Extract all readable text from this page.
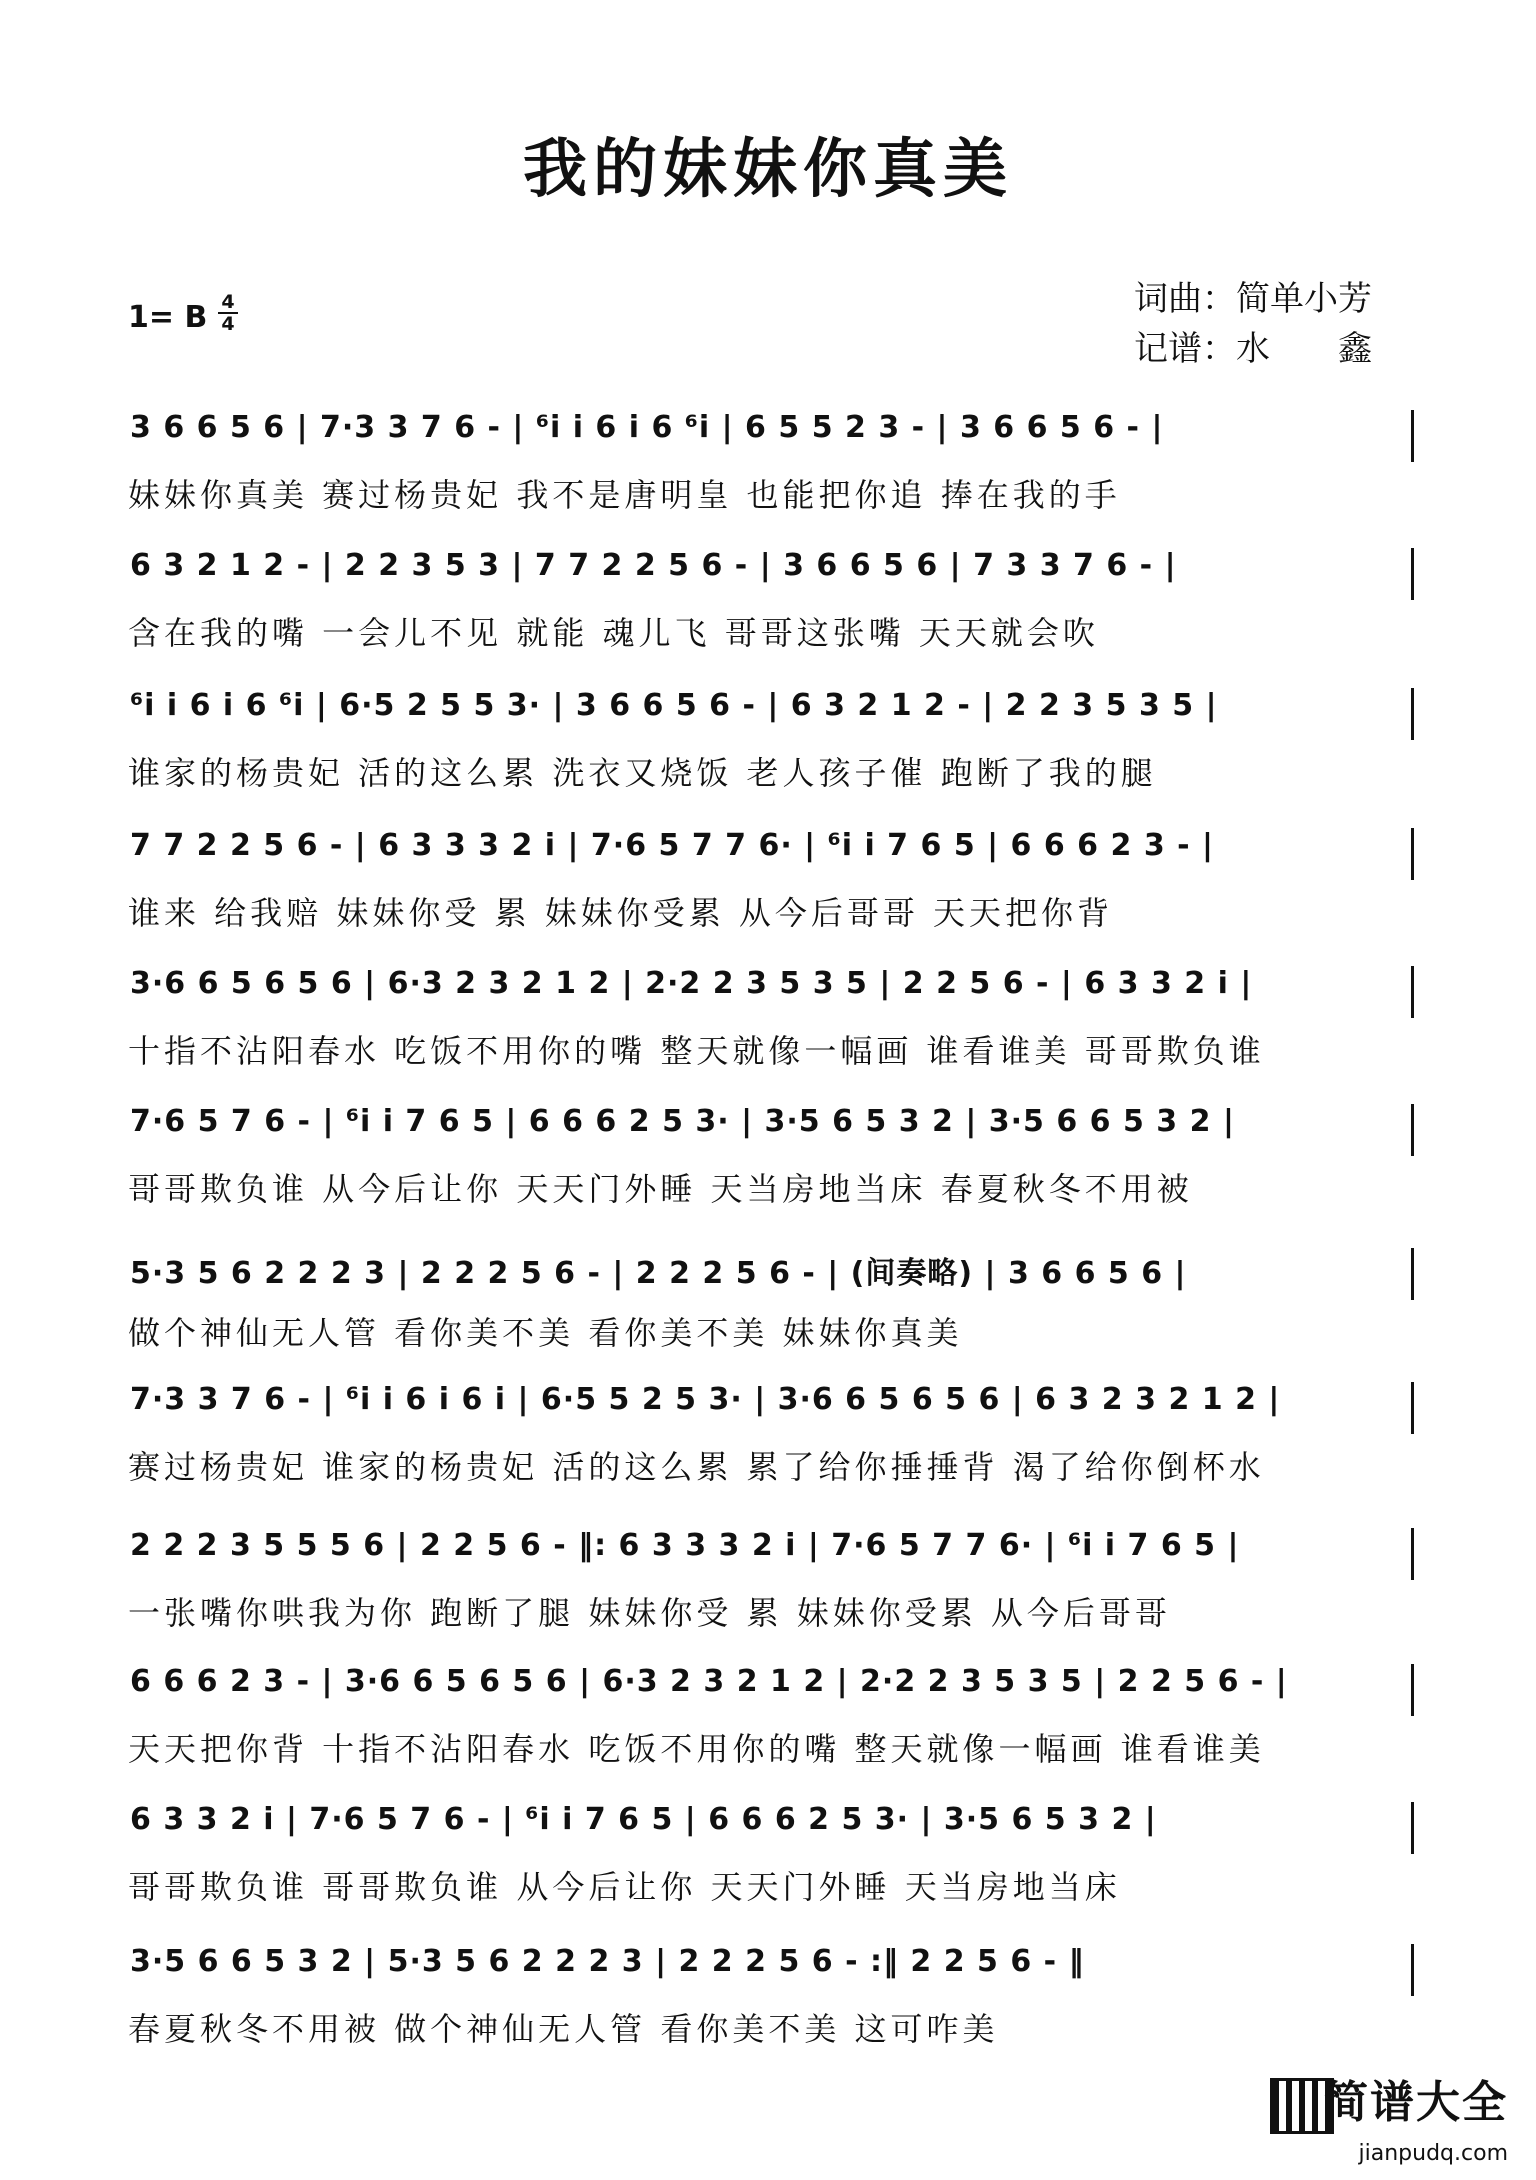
我的妹妹你真美
1= B 4
4
词曲：简单小芳
记谱：水　　鑫
3 6 6 5 6 | 7·3 3 7 6 - | ⁶i i 6 i 6 ⁶i | 6 5 5 2 3 - | 3 6 6 5 6 - |
妹妹你真美 赛过杨贵妃 我不是唐明皇 也能把你追 捧在我的手
6 3 2 1 2 - | 2 2 3 5 3 | 7 7 2 2 5 6 - | 3 6 6 5 6 | 7 3 3 7 6 - |
含在我的嘴 一会儿不见 就能 魂儿飞 哥哥这张嘴 天天就会吹
⁶i i 6 i 6 ⁶i | 6·5 2 5 5 3· | 3 6 6 5 6 - | 6 3 2 1 2 - | 2 2 3 5 3 5 |
谁家的杨贵妃 活的这么累 洗衣又烧饭 老人孩子催 跑断了我的腿
7 7 2 2 5 6 - | 6 3 3 3 2 i | 7·6 5 7 7 6· | ⁶i i 7 6 5 | 6 6 6 2 3 - |
谁来 给我赔 妹妹你受 累 妹妹你受累 从今后哥哥 天天把你背
3·6 6 5 6 5 6 | 6·3 2 3 2 1 2 | 2·2 2 3 5 3 5 | 2 2 5 6 - | 6 3 3 2 i |
十指不沾阳春水 吃饭不用你的嘴 整天就像一幅画 谁看谁美 哥哥欺负谁
7·6 5 7 6 - | ⁶i i 7 6 5 | 6 6 6 2 5 3· | 3·5 6 5 3 2 | 3·5 6 6 5 3 2 |
哥哥欺负谁 从今后让你 天天门外睡 天当房地当床 春夏秋冬不用被
5·3 5 6 2 2 2 3 | 2 2 2 5 6 - | 2 2 2 5 6 - | (间奏略) | 3 6 6 5 6 |
做个神仙无人管 看你美不美 看你美不美 妹妹你真美
7·3 3 7 6 - | ⁶i i 6 i 6 i | 6·5 5 2 5 3· | 3·6 6 5 6 5 6 | 6 3 2 3 2 1 2 |
赛过杨贵妃 谁家的杨贵妃 活的这么累 累了给你捶捶背 渴了给你倒杯水
2 2 2 3 5 5 5 6 | 2 2 5 6 - ‖: 6 3 3 3 2 i | 7·6 5 7 7 6· | ⁶i i 7 6 5 |
一张嘴你哄我为你 跑断了腿 妹妹你受 累 妹妹你受累 从今后哥哥
6 6 6 2 3 - | 3·6 6 5 6 5 6 | 6·3 2 3 2 1 2 | 2·2 2 3 5 3 5 | 2 2 5 6 - |
天天把你背 十指不沾阳春水 吃饭不用你的嘴 整天就像一幅画 谁看谁美
6 3 3 2 i | 7·6 5 7 6 - | ⁶i i 7 6 5 | 6 6 6 2 5 3· | 3·5 6 5 3 2 |
哥哥欺负谁 哥哥欺负谁 从今后让你 天天门外睡 天当房地当床
3·5 6 6 5 3 2 | 5·3 5 6 2 2 2 3 | 2 2 2 5 6 - :‖ 2 2 5 6 - ‖
春夏秋冬不用被 做个神仙无人管 看你美不美 这可咋美
简谱大全
jianpudq.com
